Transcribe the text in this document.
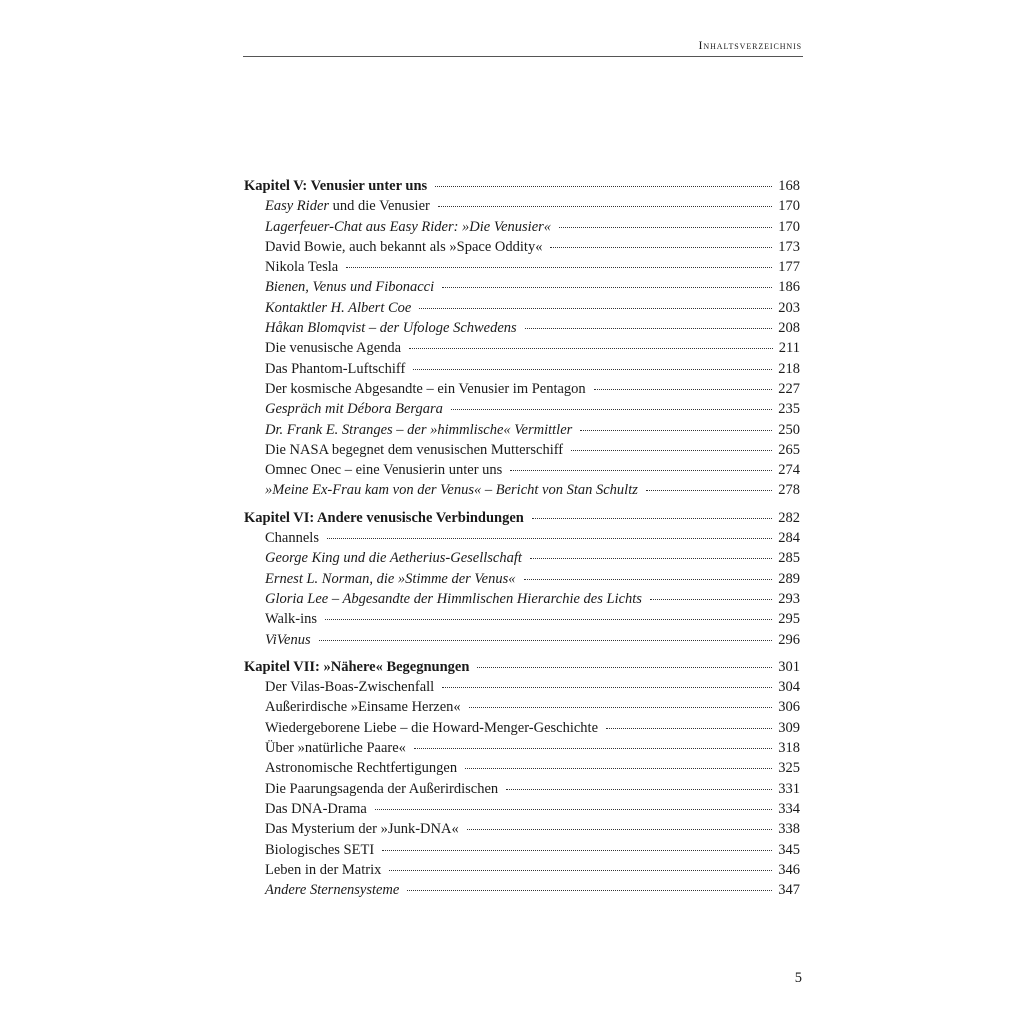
Inhaltsverzeichnis
Kapitel V: Venusier unter uns	168
Easy Rider und die Venusier	170
Lagerfeuer-Chat aus Easy Rider: »Die Venusier«	170
David Bowie, auch bekannt als »Space Oddity«	173
Nikola Tesla	177
Bienen, Venus und Fibonacci	186
Kontaktler H. Albert Coe	203
Håkan Blomqvist – der Ufologe Schwedens	208
Die venusische Agenda	211
Das Phantom-Luftschiff	218
Der kosmische Abgesandte – ein Venusier im Pentagon	227
Gespräch mit Débora Bergara	235
Dr. Frank E. Stranges – der »himmlische« Vermittler	250
Die NASA begegnet dem venusischen Mutterschiff	265
Omnec Onec – eine Venusierin unter uns	274
»Meine Ex-Frau kam von der Venus« – Bericht von Stan Schultz	278
Kapitel VI: Andere venusische Verbindungen	282
Channels	284
George King und die Aetherius-Gesellschaft	285
Ernest L. Norman, die »Stimme der Venus«	289
Gloria Lee – Abgesandte der Himmlischen Hierarchie des Lichts	293
Walk-ins	295
ViVenus	296
Kapitel VII: »Nähere« Begegnungen	301
Der Vilas-Boas-Zwischenfall	304
Außerirdische »Einsame Herzen«	306
Wiedergeborene Liebe – die Howard-Menger-Geschichte	309
Über »natürliche Paare«	318
Astronomische Rechtfertigungen	325
Die Paarungsagenda der Außerirdischen	331
Das DNA-Drama	334
Das Mysterium der »Junk-DNA«	338
Biologisches SETI	345
Leben in der Matrix	346
Andere Sternensysteme	347
5
